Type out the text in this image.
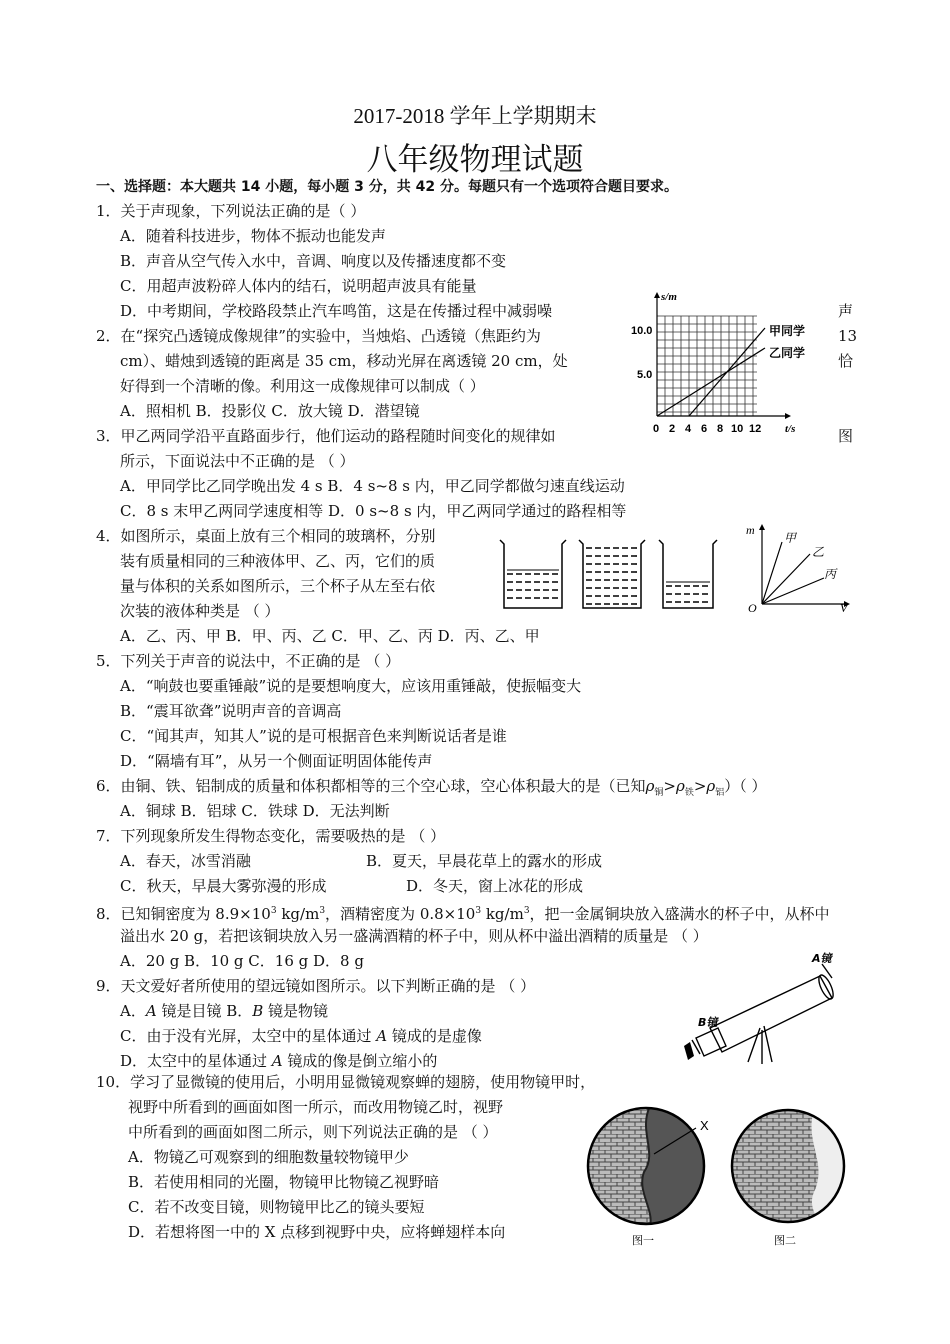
2017-2018 学年上学期期末
八年级物理试题
一、选择题：本大题共 14 小题，每小题 3 分，共 42 分。每题只有一个选项符合题目要求。
1．关于声现象，下列说法正确的是（ ）
A．随着科技进步，物体不振动也能发声
B．声音从空气传入水中，音调、响度以及传播速度都不变
C．用超声波粉碎人体内的结石，说明超声波具有能量
D．中考期间，学校路段禁止汽车鸣笛，这是在传播过程中减弱噪	声
2．在“探究凸透镜成像规律”的实验中，当烛焰、凸透镜（焦距约为	13
cm）、蜡烛到透镜的距离是 35 cm，移动光屏在离透镜 20 cm，处	恰
好得到一个清晰的像。利用这一成像规律可以制成（ ）
A．照相机 B．投影仪 C．放大镜 D．潜望镜
3．甲乙两同学沿平直路面步行，他们运动的路程随时间变化的规律如	图
所示，下面说法中不正确的是 （ ）
A．甲同学比乙同学晚出发 4 s B．4 s~8 s 内，甲乙同学都做匀速直线运动
C．8 s 末甲乙两同学速度相等 D．0 s~8 s 内，甲乙两同学通过的路程相等
s/m
t/s
10.0
5.0
0 2 4 6 8 10 12
甲同学
乙同学
4．如图所示，桌面上放有三个相同的玻璃杯，分别
装有质量相同的三种液体甲、乙、丙，它们的质
量与体积的关系如图所示，三个杯子从左至右依
次装的液体种类是 （ ）
A．乙、丙、甲 B．甲、丙、乙 C．甲、乙、丙 D．丙、乙、甲
m
V
O
甲
乙
丙
5．下列关于声音的说法中，不正确的是 （ ）
A．“响鼓也要重锤敲”说的是要想响度大，应该用重锤敲，使振幅变大
B．“震耳欲聋”说明声音的音调高
C．“闻其声，知其人”说的是可根据音色来判断说话者是谁
D．“隔墙有耳”，从另一个侧面证明固体能传声
6．由铜、铁、铝制成的质量和体积都相等的三个空心球，空心体积最大的是（已知$\rho_铜>\rho_铁>\rho_铝$）（ ）
A．铜球 B．铝球 C．铁球 D．无法判断
7．下列现象所发生得物态变化，需要吸热的是 （ ）
A．春天，冰雪消融	B．夏天，早晨花草上的露水的形成
C．秋天，早晨大雾弥漫的形成	D．冬天，窗上冰花的形成
8．已知铜密度为 $8.9\times 10^3$ $kg/m^3$，酒精密度为 $0.8\times 10^3$ $kg/m^3$，把一金属铜块放入盛满水的杯子中，从杯中
溢出水 20 g，若把该铜块放入另一盛满酒精的杯子中，则从杯中溢出酒精的质量是 （ ）
A．20 g B．10 g C．16 g D．8 g
9．天文爱好者所使用的望远镜如图所示。以下判断正确的是 （ ）
A．A 镜是目镜 B．B 镜是物镜
C．由于没有光屏，太空中的星体通过 A 镜成的是虚像
D．太空中的星体通过 A 镜成的像是倒立缩小的
A镜
B镜
10．学习了显微镜的使用后，小明用显微镜观察蝉的翅膀，使用物镜甲时，
视野中所看到的画面如图一所示，而改用物镜乙时，视野
中所看到的画面如图二所示，则下列说法正确的是 （ ）
A．物镜乙可观察到的细胞数量较物镜甲少
B．若使用相同的光圈，物镜甲比物镜乙视野暗
C．若不改变目镜，则物镜甲比乙的镜头要短
D．若想将图一中的 X 点移到视野中央，应将蝉翅样本向
X
图一	图二
